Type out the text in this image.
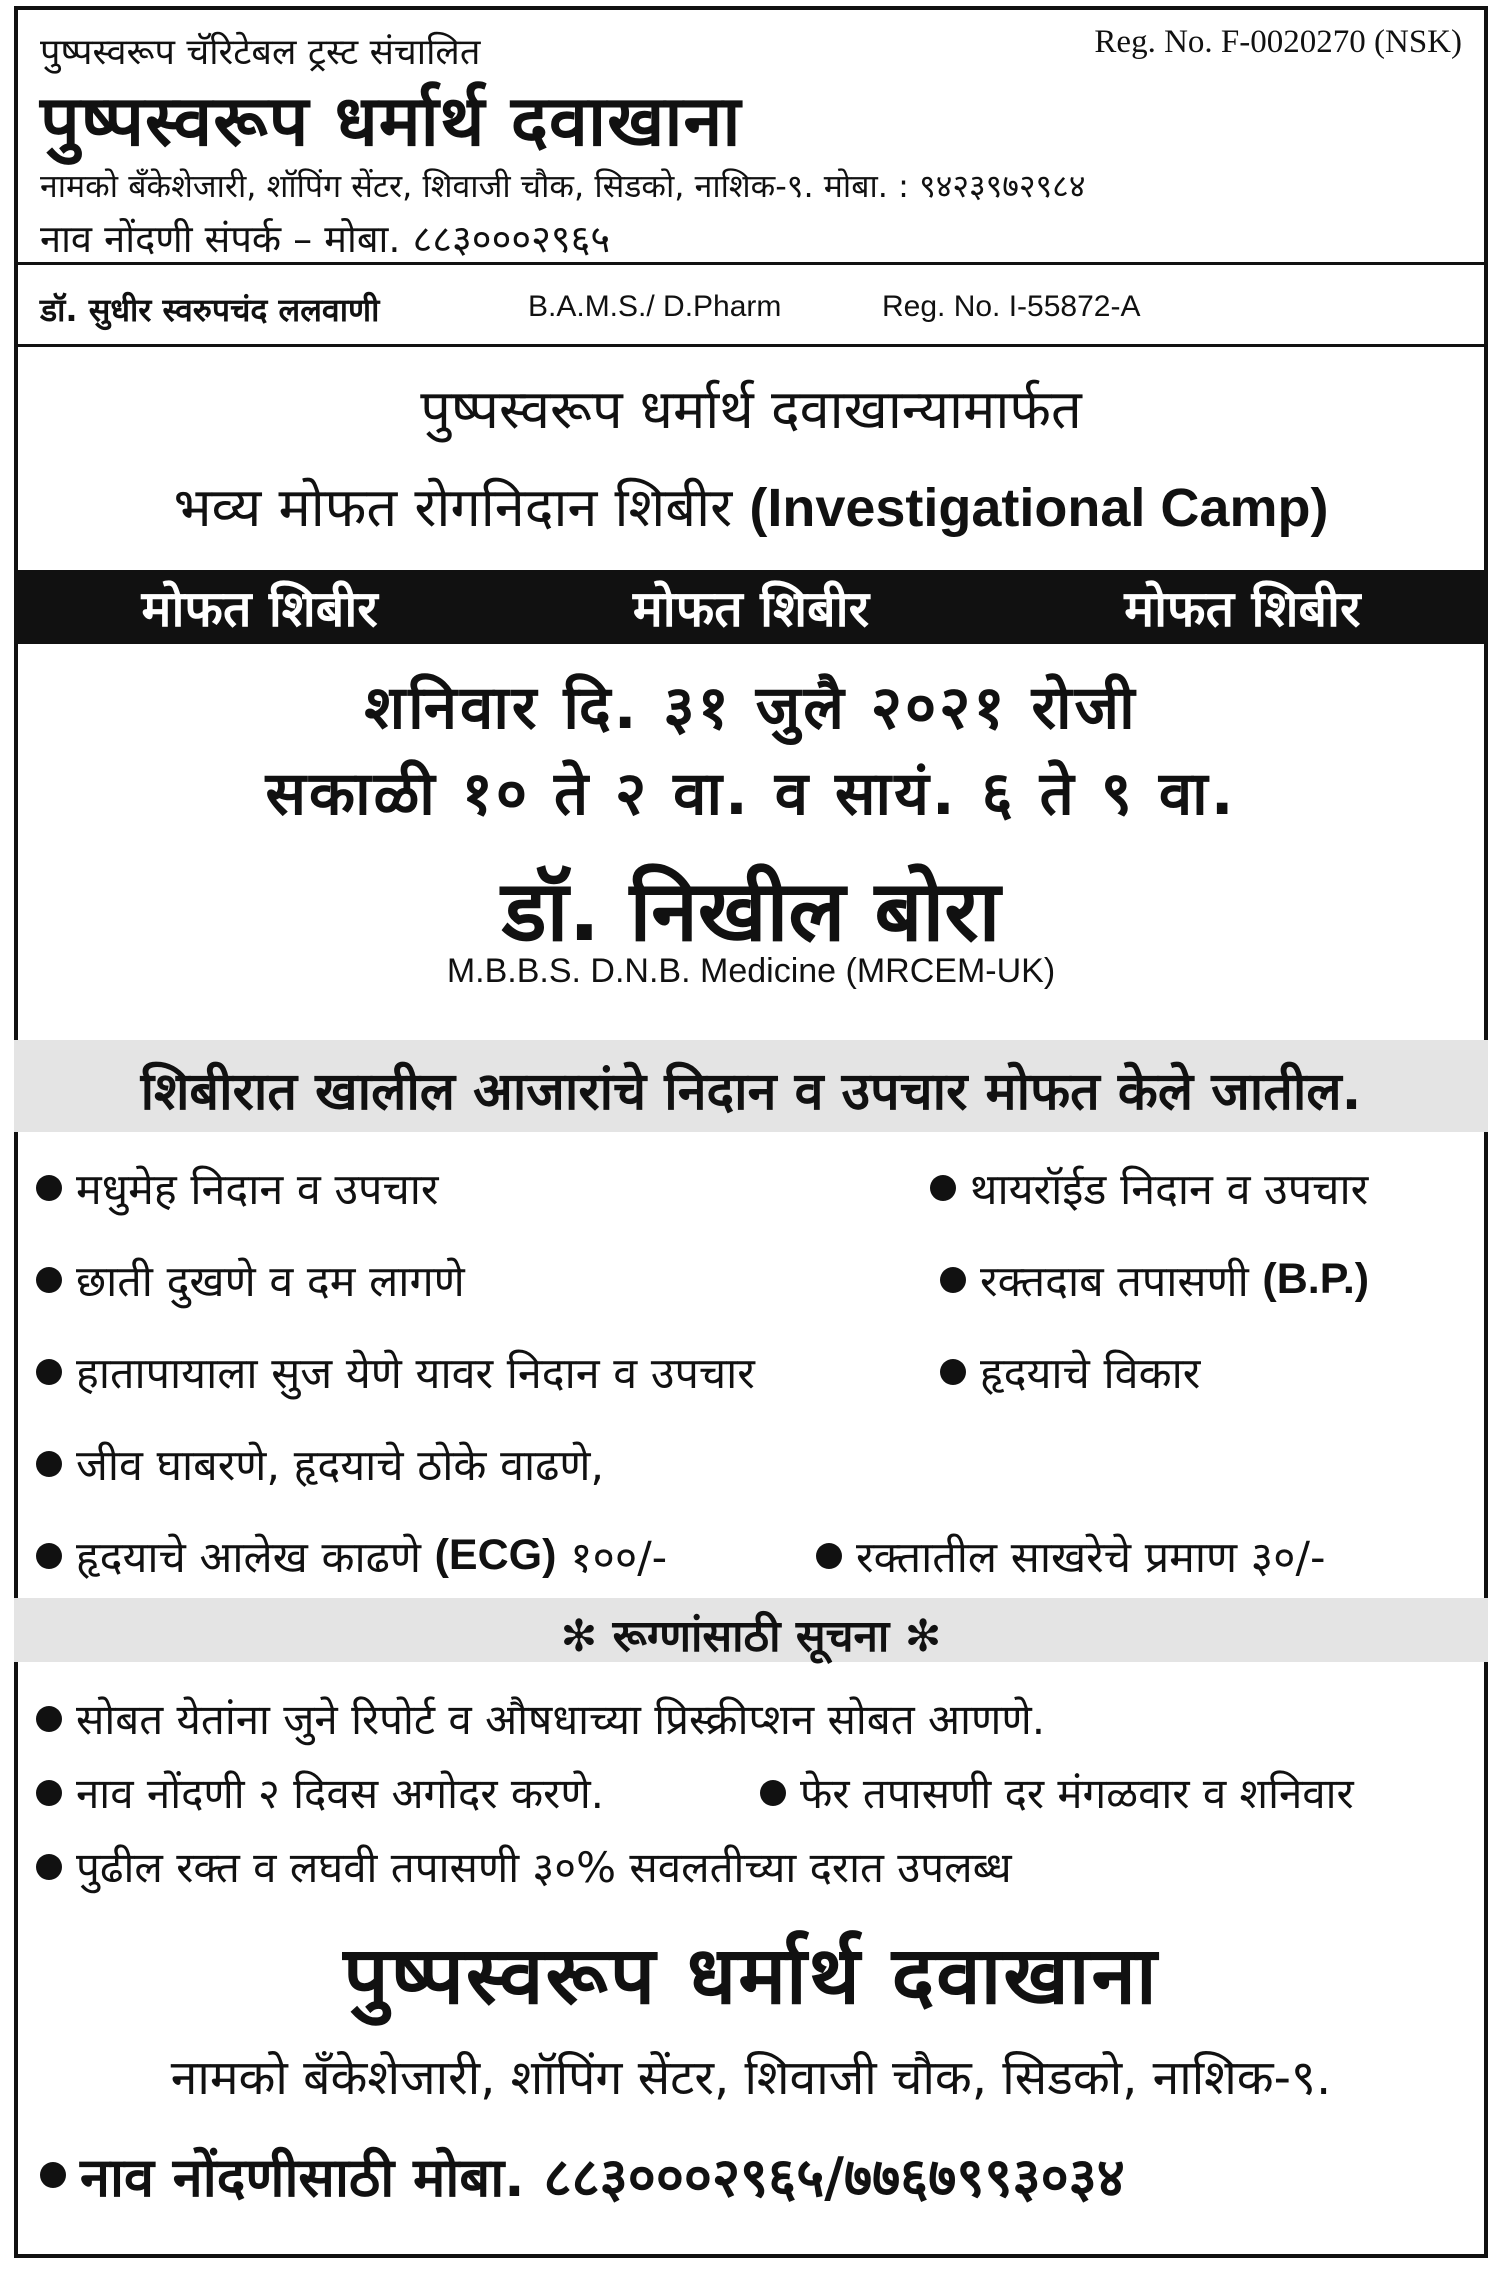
पुष्पस्वरूप चॅरिटेबल ट्रस्ट संचालित	Reg. No. F-0020270 (NSK)
पुष्पस्वरूप धर्मार्थ दवाखाना
नामको बँकेशेजारी, शॉपिंग सेंटर, शिवाजी चौक, सिडको, नाशिक-९. मोबा. : ९४२३९७२९८४
नाव नोंदणी संपर्क – मोबा. ८८३०००२९६५
डॉ. सुधीर स्वरुपचंद ललवाणी	B.A.M.S./ D.Pharm	Reg. No. I-55872-A
पुष्पस्वरूप धर्मार्थ दवाखान्यामार्फत
भव्य मोफत रोगनिदान शिबीर (Investigational Camp)
मोफत शिबीर	मोफत शिबीर	मोफत शिबीर
शनिवार दि. ३१ जुलै २०२१ रोजी
सकाळी १० ते २ वा. व सायं. ६ ते ९ वा.
डॉ. निखील बोरा
M.B.B.S. D.N.B. Medicine (MRCEM-UK)
शिबीरात खालील आजारांचे निदान व उपचार मोफत केले जातील.
मधुमेह निदान व उपचार	थायरॉईड निदान व उपचार
छाती दुखणे व दम लागणे	रक्तदाब तपासणी
(B.P.)
हातापायाला सुज येणे यावर निदान व उपचार	हृदयाचे विकार
जीव घाबरणे, हृदयाचे ठोके वाढणे,
हृदयाचे आलेख काढणे
(ECG)
१००/-	रक्तातील साखरेचे प्रमाण ३०/-
✻ रूग्णांसाठी सूचना ✻
सोबत येतांना जुने रिपोर्ट व औषधाच्या प्रिस्क्रीप्शन सोबत आणणे.
नाव नोंदणी २ दिवस अगोदर करणे.	फेर तपासणी दर मंगळवार व शनिवार
पुढील रक्त व लघवी तपासणी ३०% सवलतीच्या दरात उपलब्ध
पुष्पस्वरूप धर्मार्थ दवाखाना
नामको बँकेशेजारी, शॉपिंग सेंटर, शिवाजी चौक, सिडको, नाशिक-९.
नाव नोंदणीसाठी मोबा. ८८३०००२९६५/७७६७९९३०३४
